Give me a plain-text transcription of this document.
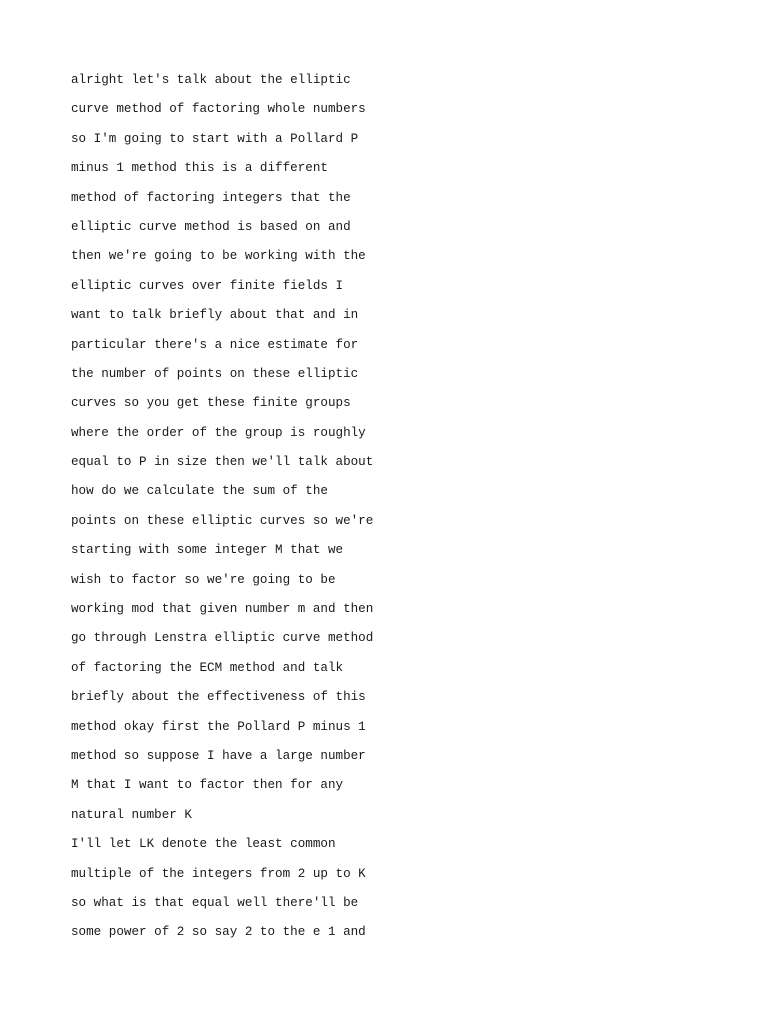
alright let's talk about the elliptic
curve method of factoring whole numbers
so I'm going to start with a Pollard P
minus 1 method this is a different
method of factoring integers that the
elliptic curve method is based on and
then we're going to be working with the
elliptic curves over finite fields I
want to talk briefly about that and in
particular there's a nice estimate for
the number of points on these elliptic
curves so you get these finite groups
where the order of the group is roughly
equal to P in size then we'll talk about
how do we calculate the sum of the
points on these elliptic curves so we're
starting with some integer M that we
wish to factor so we're going to be
working mod that given number m and then
go through Lenstra elliptic curve method
of factoring the ECM method and talk
briefly about the effectiveness of this
method okay first the Pollard P minus 1
method so suppose I have a large number
M that I want to factor then for any
natural number K
I'll let LK denote the least common
multiple of the integers from 2 up to K
so what is that equal well there'll be
some power of 2 so say 2 to the e 1 and
